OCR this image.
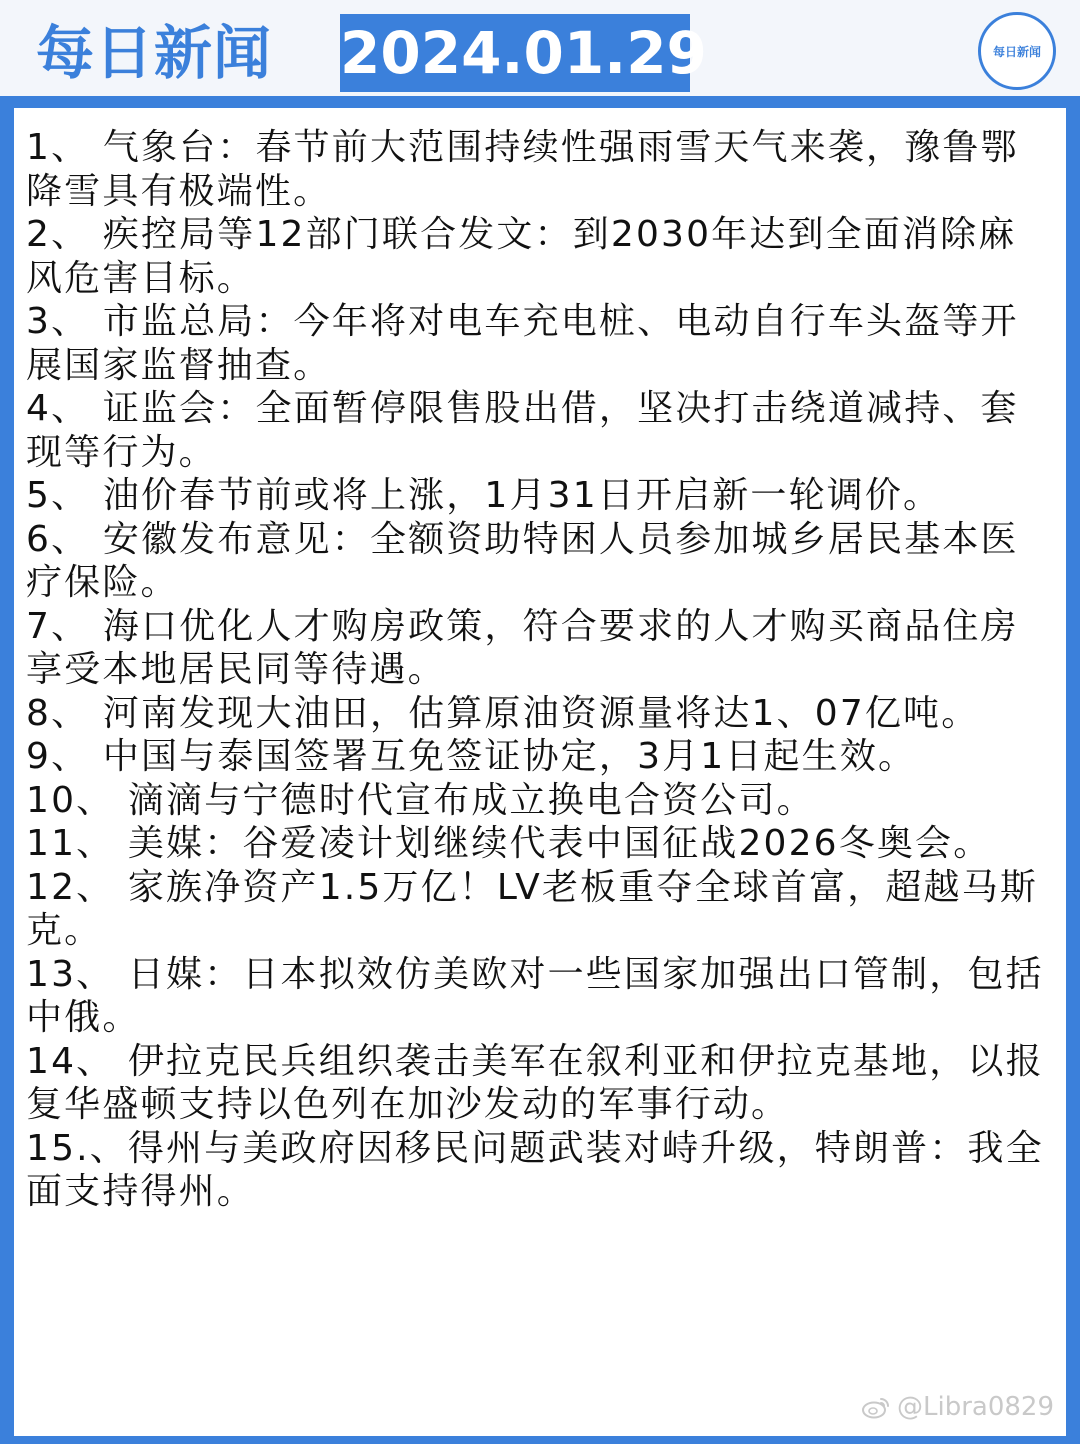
每日新闻 2024.01.29	每日新闻
1、 气象台：春节前大范围持续性强雨雪天气来袭，豫鲁鄂降雪具有极端性。
2、 疾控局等12部门联合发文：到2030年达到全面消除麻风危害目标。
3、 市监总局：今年将对电车充电桩、电动自行车头盔等开展国家监督抽查。
4、 证监会：全面暂停限售股出借，坚决打击绕道减持、套现等行为。
5、 油价春节前或将上涨，1月31日开启新一轮调价。
6、 安徽发布意见：全额资助特困人员参加城乡居民基本医疗保险。
7、 海口优化人才购房政策，符合要求的人才购买商品住房享受本地居民同等待遇。
8、 河南发现大油田，估算原油资源量将达1、07亿吨。
9、 中国与泰国签署互免签证协定，3月1日起生效。
10、 滴滴与宁德时代宣布成立换电合资公司。
11、 美媒：谷爱凌计划继续代表中国征战2026冬奥会。
12、 家族净资产1.5万亿！LV老板重夺全球首富，超越马斯克。
13、 日媒：日本拟效仿美欧对一些国家加强出口管制，包括中俄。
14、 伊拉克民兵组织袭击美军在叙利亚和伊拉克基地，以报复华盛顿支持以色列在加沙发动的军事行动。
15.、得州与美政府因移民问题武装对峙升级，特朗普：我全面支持得州。
@Libra0829
